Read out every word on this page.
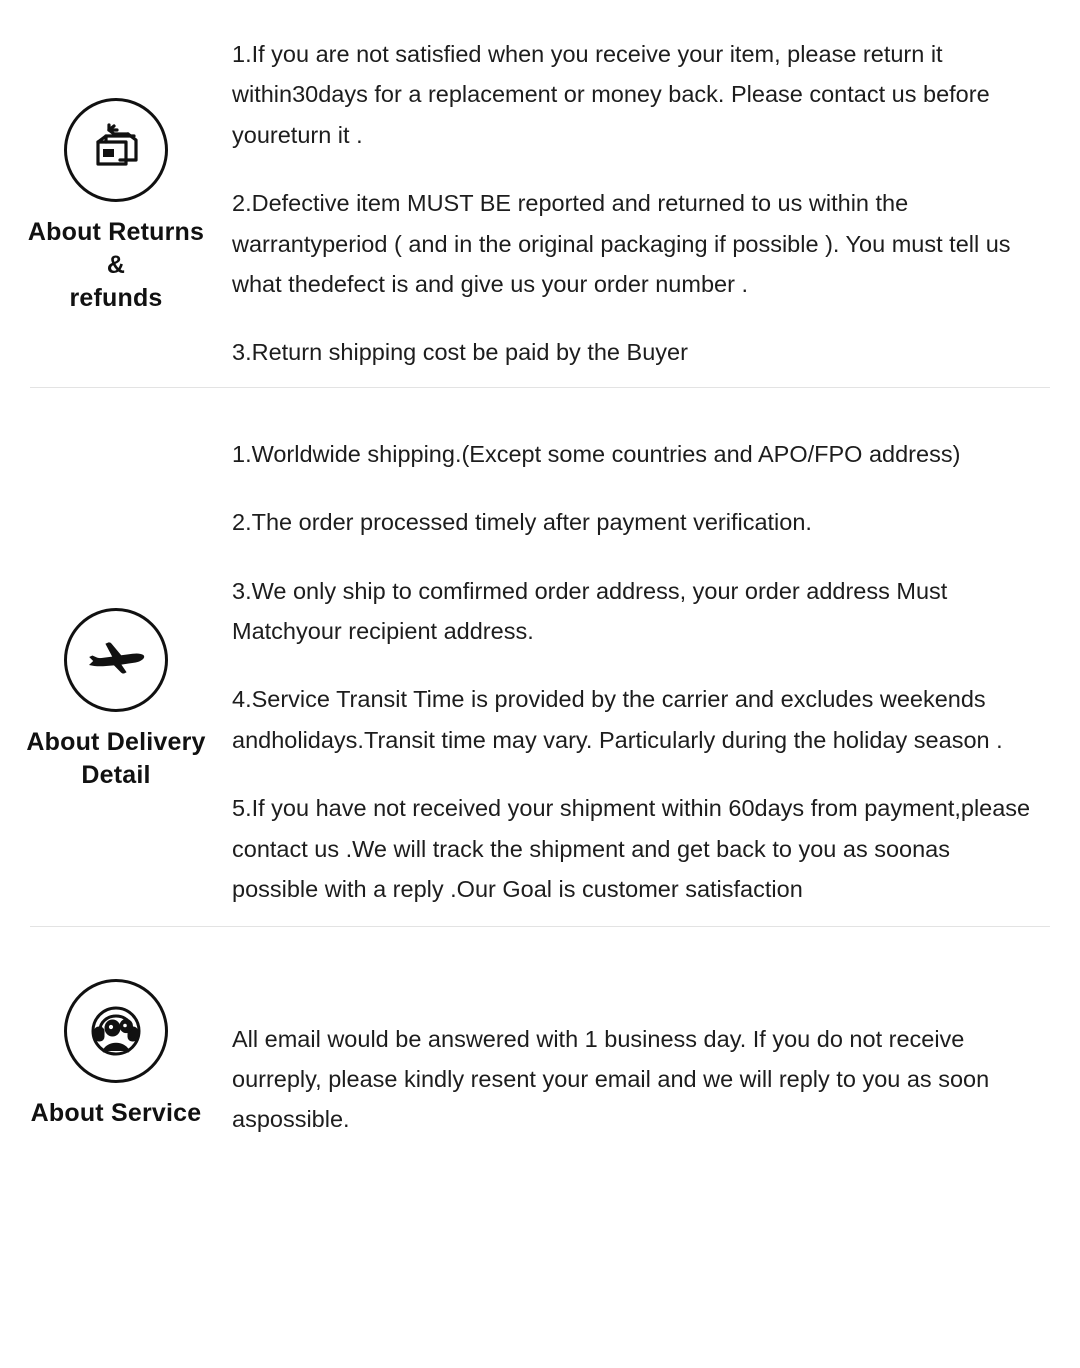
About Returns
&
refunds

1.If you are not satisfied when you receive your item, please return it within30days for a replacement or money back. Please contact us before youreturn it .

2.Defective item MUST BE reported and returned to us within the warrantyperiod ( and in the original packaging if possible ). You must tell us what thedefect is and give us your order number .

3.Return shipping cost be paid by the Buyer

About Delivery
Detail

1.Worldwide shipping.(Except some countries and APO/FPO address)

2.The order processed timely after payment verification.

3.We only ship to comfirmed order address, your order address Must Matchyour recipient address.

4.Service Transit Time is provided by the carrier and excludes weekends andholidays.Transit time may vary. Particularly during the holiday season .

5.If you have not received your shipment within 60days from payment,please contact us .We will track the shipment and get back to you as soonas possible with a reply .Our Goal is customer satisfaction

About Service

All email would be answered with 1 business day. If you do not receive ourreply, please kindly resent your email and we will reply to you as soon aspossible.
